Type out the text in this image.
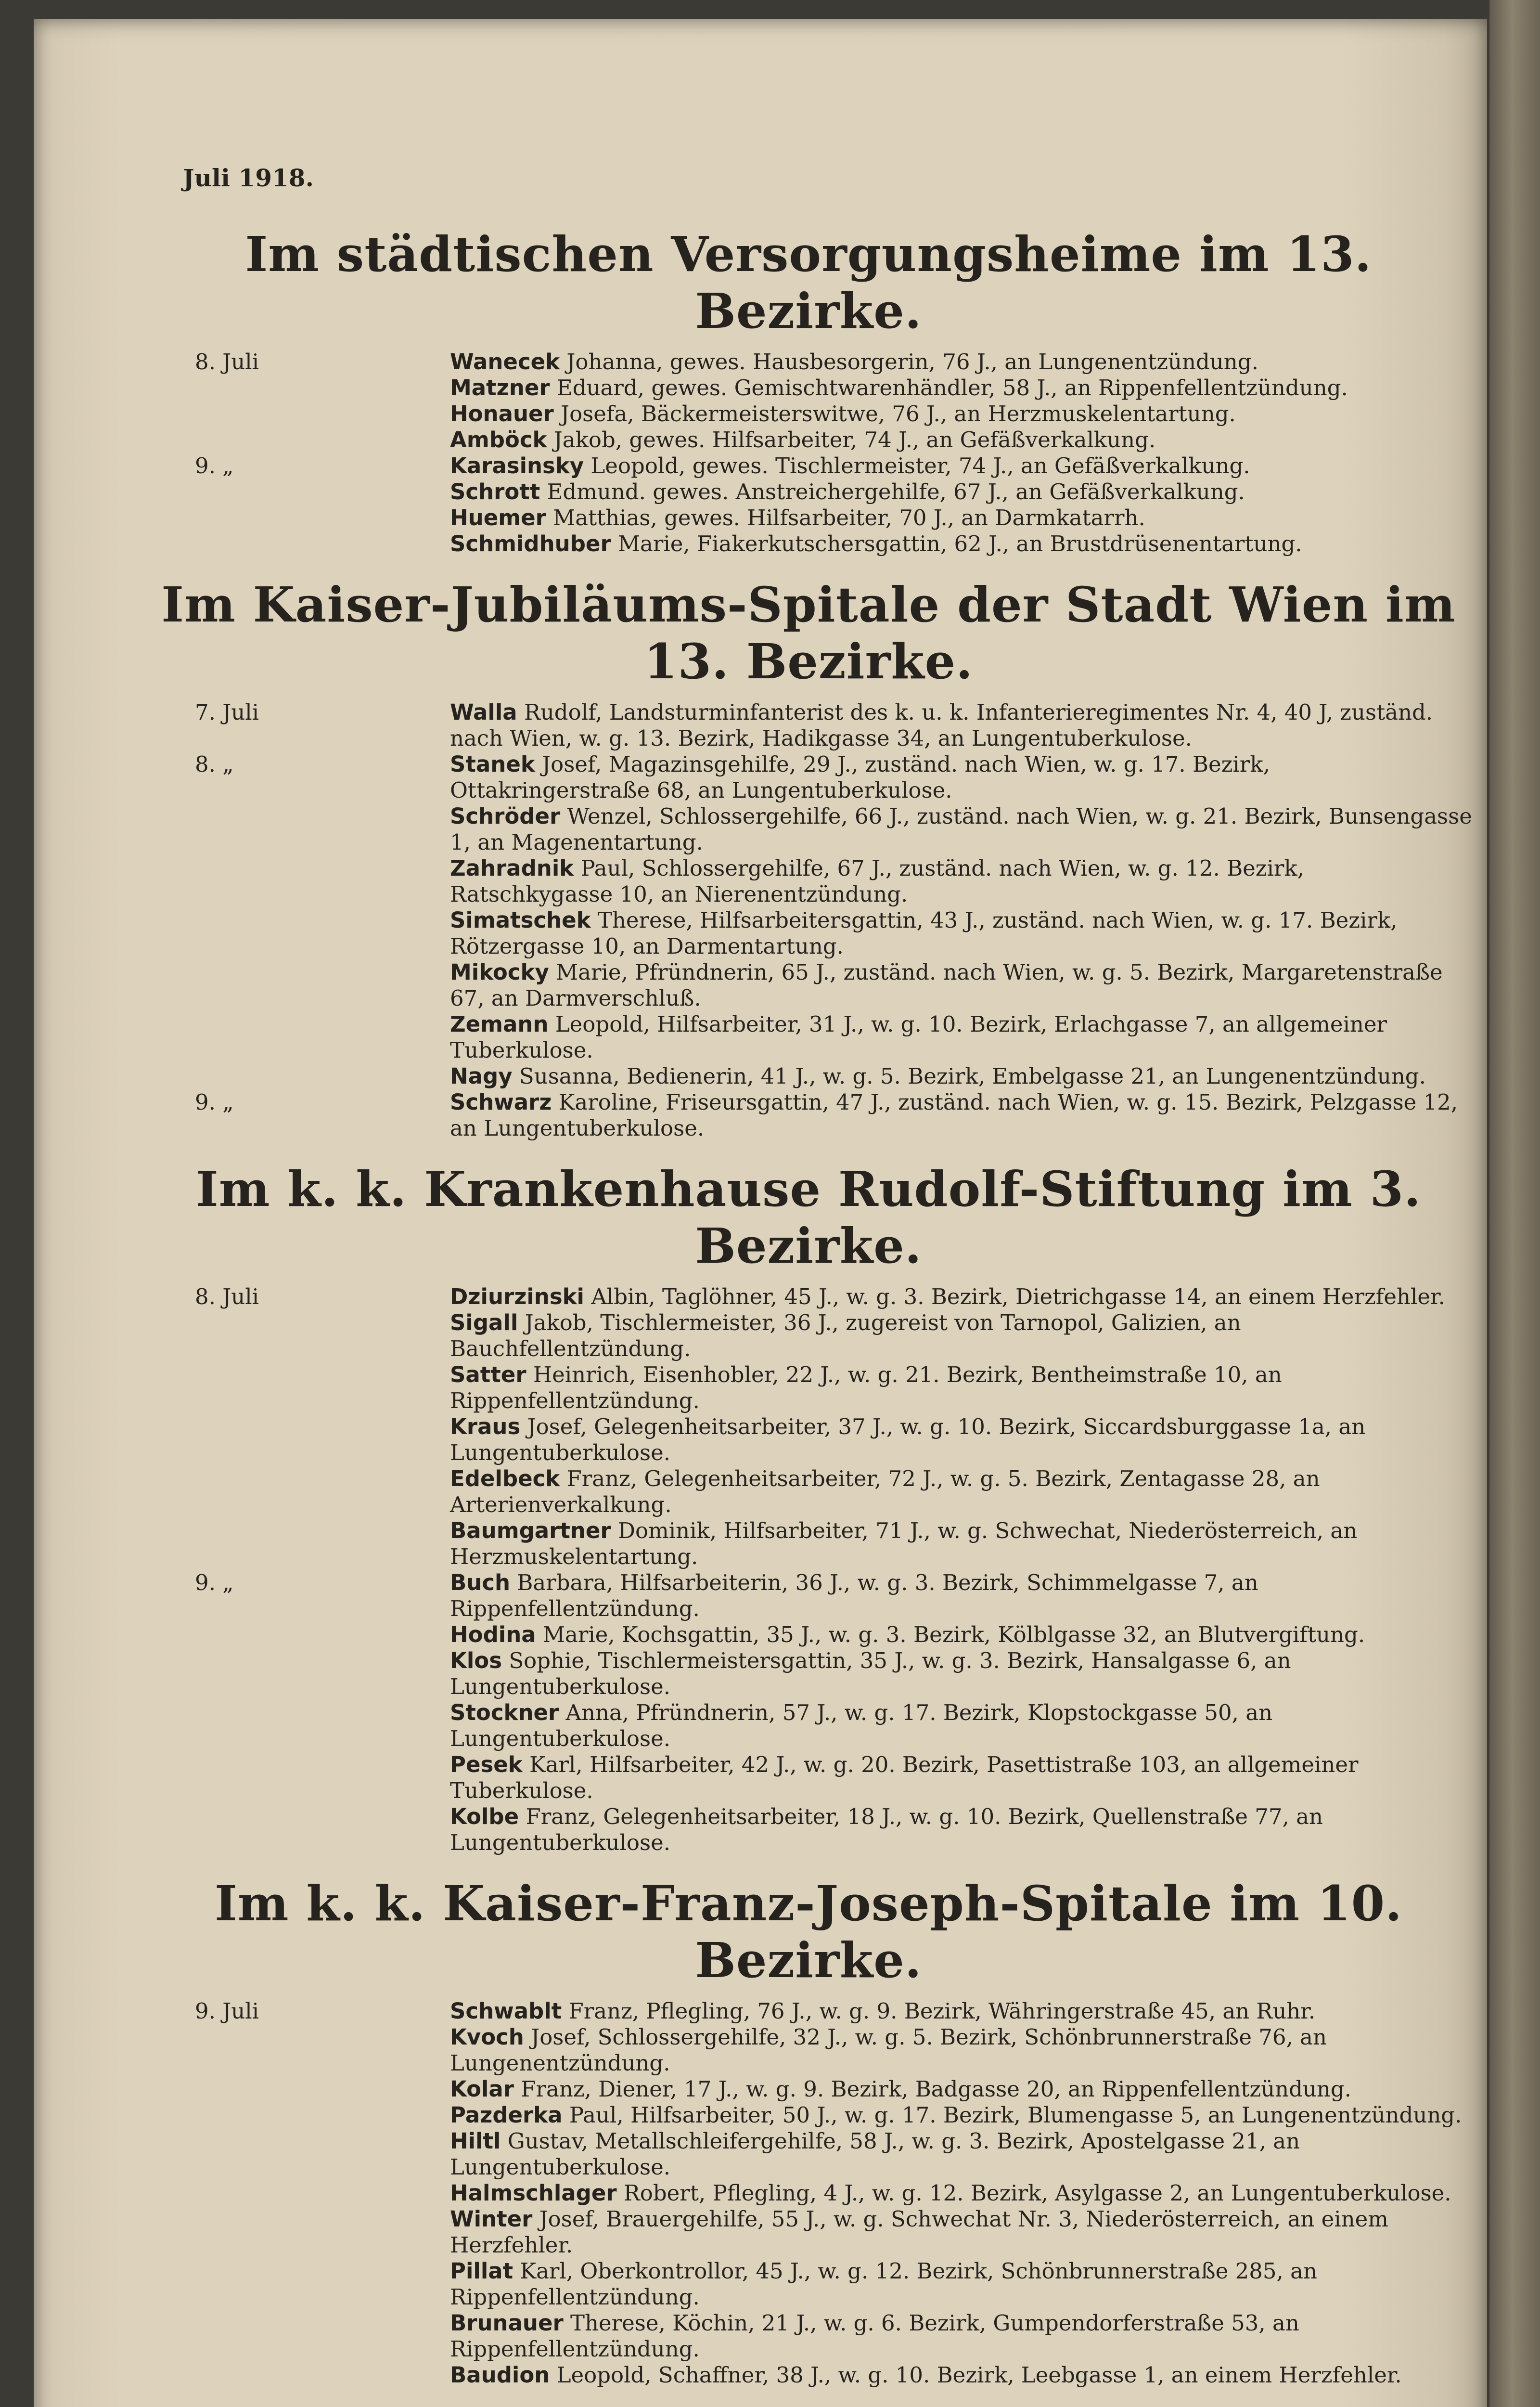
Juli 1918.
Im städtischen Versorgungsheime im 13. Bezirke.
8. Juli	Wanecek Johanna, gewes. Hausbesorgerin, 76 J., an Lungenentzündung.
Matzner Eduard, gewes. Gemischtwarenhändler, 58 J., an Rippenfellentzündung.
Honauer Josefa, Bäckermeisterswitwe, 76 J., an Herzmuskelentartung.
Amböck Jakob, gewes. Hilfsarbeiter, 74 J., an Gefäßverkalkung.
9. „	Karasinsky Leopold, gewes. Tischlermeister, 74 J., an Gefäßverkalkung.
Schrott Edmund. gewes. Anstreichergehilfe, 67 J., an Gefäßverkalkung.
Huemer Matthias, gewes. Hilfsarbeiter, 70 J., an Darmkatarrh.
Schmidhuber Marie, Fiakerkutschersgattin, 62 J., an Brustdrüsenentartung.
Im Kaiser-Jubiläums-Spitale der Stadt Wien im 13. Bezirke.
7. Juli	Walla Rudolf, Landsturminfanterist des k. u. k. Infanterieregimentes Nr. 4, 40 J, zuständ. nach Wien, w. g. 13. Bezirk, Hadikgasse 34, an Lungentuberkulose.
8. „	Stanek Josef, Magazinsgehilfe, 29 J., zuständ. nach Wien, w. g. 17. Bezirk, Ottakringerstraße 68, an Lungentuberkulose.
Schröder Wenzel, Schlossergehilfe, 66 J., zuständ. nach Wien, w. g. 21. Bezirk, Bunsengasse 1, an Magenentartung.
Zahradnik Paul, Schlossergehilfe, 67 J., zuständ. nach Wien, w. g. 12. Bezirk, Ratschkygasse 10, an Nierenentzündung.
Simatschek Therese, Hilfsarbeitersgattin, 43 J., zuständ. nach Wien, w. g. 17. Bezirk, Rötzergasse 10, an Darmentartung.
Mikocky Marie, Pfründnerin, 65 J., zuständ. nach Wien, w. g. 5. Bezirk, Margaretenstraße 67, an Darmverschluß.
Zemann Leopold, Hilfsarbeiter, 31 J., w. g. 10. Bezirk, Erlachgasse 7, an allgemeiner Tuberkulose.
Nagy Susanna, Bedienerin, 41 J., w. g. 5. Bezirk, Embelgasse 21, an Lungenentzündung.
9. „	Schwarz Karoline, Friseursgattin, 47 J., zuständ. nach Wien, w. g. 15. Bezirk, Pelzgasse 12, an Lungentuberkulose.
Im k. k. Krankenhause Rudolf-Stiftung im 3. Bezirke.
8. Juli	Dziurzinski Albin, Taglöhner, 45 J., w. g. 3. Bezirk, Dietrichgasse 14, an einem Herzfehler.
Sigall Jakob, Tischlermeister, 36 J., zugereist von Tarnopol, Galizien, an Bauchfellentzündung.
Satter Heinrich, Eisenhobler, 22 J., w. g. 21. Bezirk, Bentheimstraße 10, an Rippenfellentzündung.
Kraus Josef, Gelegenheitsarbeiter, 37 J., w. g. 10. Bezirk, Siccardsburggasse 1a, an Lungentuberkulose.
Edelbeck Franz, Gelegenheitsarbeiter, 72 J., w. g. 5. Bezirk, Zentagasse 28, an Arterienverkalkung.
Baumgartner Dominik, Hilfsarbeiter, 71 J., w. g. Schwechat, Niederösterreich, an Herzmuskelentartung.
9. „	Buch Barbara, Hilfsarbeiterin, 36 J., w. g. 3. Bezirk, Schimmelgasse 7, an Rippenfellentzündung.
Hodina Marie, Kochsgattin, 35 J., w. g. 3. Bezirk, Kölblgasse 32, an Blutvergiftung.
Klos Sophie, Tischlermeistersgattin, 35 J., w. g. 3. Bezirk, Hansalgasse 6, an Lungentuberkulose.
Stockner Anna, Pfründnerin, 57 J., w. g. 17. Bezirk, Klopstockgasse 50, an Lungentuberkulose.
Pesek Karl, Hilfsarbeiter, 42 J., w. g. 20. Bezirk, Pasettistraße 103, an allgemeiner Tuberkulose.
Kolbe Franz, Gelegenheitsarbeiter, 18 J., w. g. 10. Bezirk, Quellenstraße 77, an Lungentuberkulose.
Im k. k. Kaiser-Franz-Joseph-Spitale im 10. Bezirke.
9. Juli	Schwablt Franz, Pflegling, 76 J., w. g. 9. Bezirk, Währingerstraße 45, an Ruhr.
Kvoch Josef, Schlossergehilfe, 32 J., w. g. 5. Bezirk, Schönbrunnerstraße 76, an Lungenentzündung.
Kolar Franz, Diener, 17 J., w. g. 9. Bezirk, Badgasse 20, an Rippenfellentzündung.
Pazderka Paul, Hilfsarbeiter, 50 J., w. g. 17. Bezirk, Blumengasse 5, an Lungenentzündung.
Hiltl Gustav, Metallschleifergehilfe, 58 J., w. g. 3. Bezirk, Apostelgasse 21, an Lungentuberkulose.
Halmschlager Robert, Pflegling, 4 J., w. g. 12. Bezirk, Asylgasse 2, an Lungentuberkulose.
Winter Josef, Brauergehilfe, 55 J., w. g. Schwechat Nr. 3, Niederösterreich, an einem Herzfehler.
Pillat Karl, Oberkontrollor, 45 J., w. g. 12. Bezirk, Schönbrunnerstraße 285, an Rippenfellentzündung.
Brunauer Therese, Köchin, 21 J., w. g. 6. Bezirk, Gumpendorferstraße 53, an Rippenfellentzündung.
Baudion Leopold, Schaffner, 38 J., w. g. 10. Bezirk, Leebgasse 1, an einem Herzfehler.
